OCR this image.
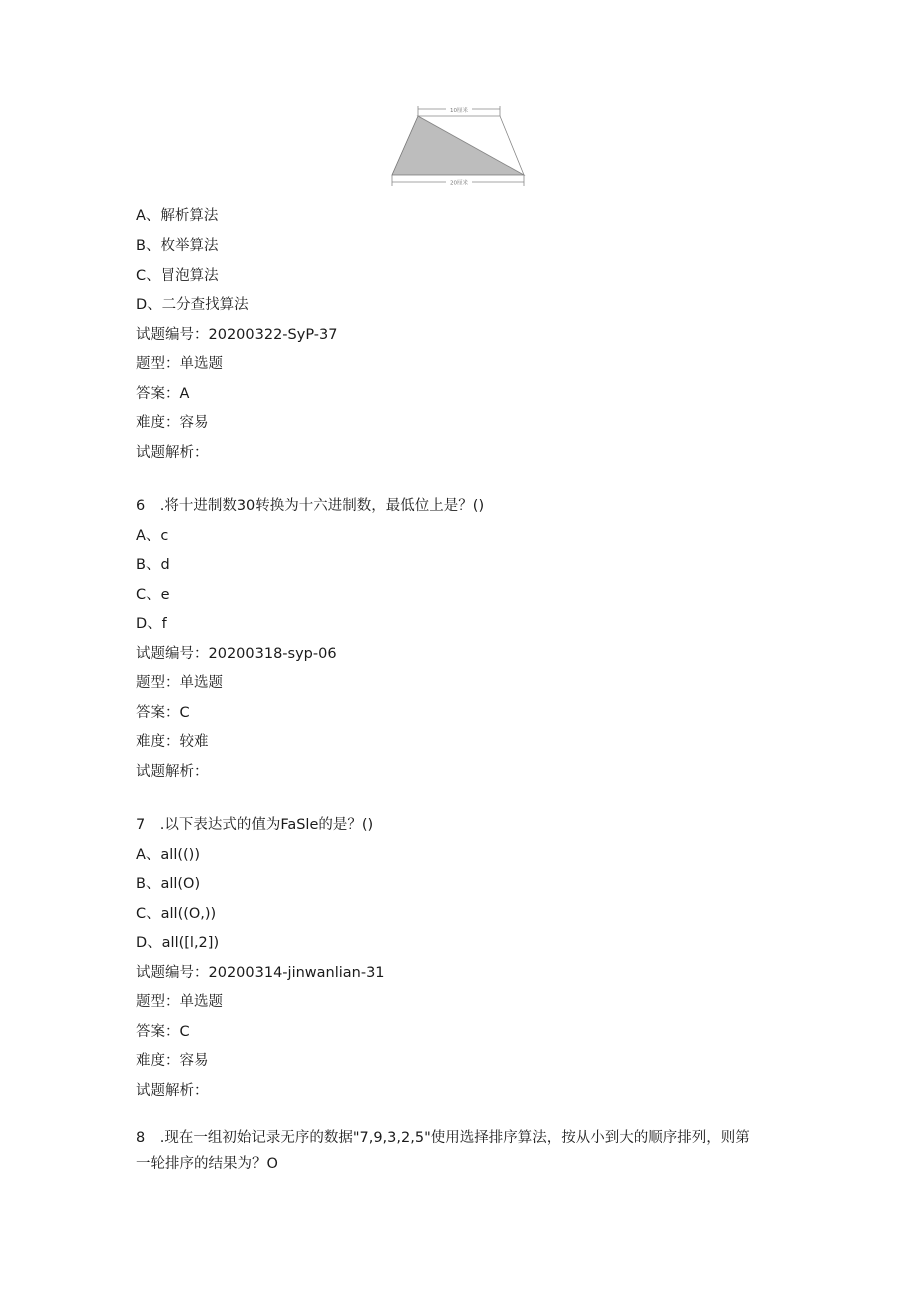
10厘米
20厘米
A、解析算法
B、枚举算法
C、冒泡算法
D、二分查找算法
试题编号：20200322-SyP-37
题型：单选题
答案：A
难度：容易
试题解析：
6　.将十进制数30转换为十六进制数，最低位上是？()
A、c
B、d
C、e
D、f
试题编号：20200318-syp-06
题型：单选题
答案：C
难度：较难
试题解析：
7　.以下表达式的值为FaSle的是？()
A、all(())
B、all(O)
C、all((O,))
D、all([l,2])
试题编号：20200314-jinwanlian-31
题型：单选题
答案：C
难度：容易
试题解析：
8　.现在一组初始记录无序的数据"7,9,3,2,5"使用选择排序算法，按从小到大的顺序排列，则第
一轮排序的结果为？O
